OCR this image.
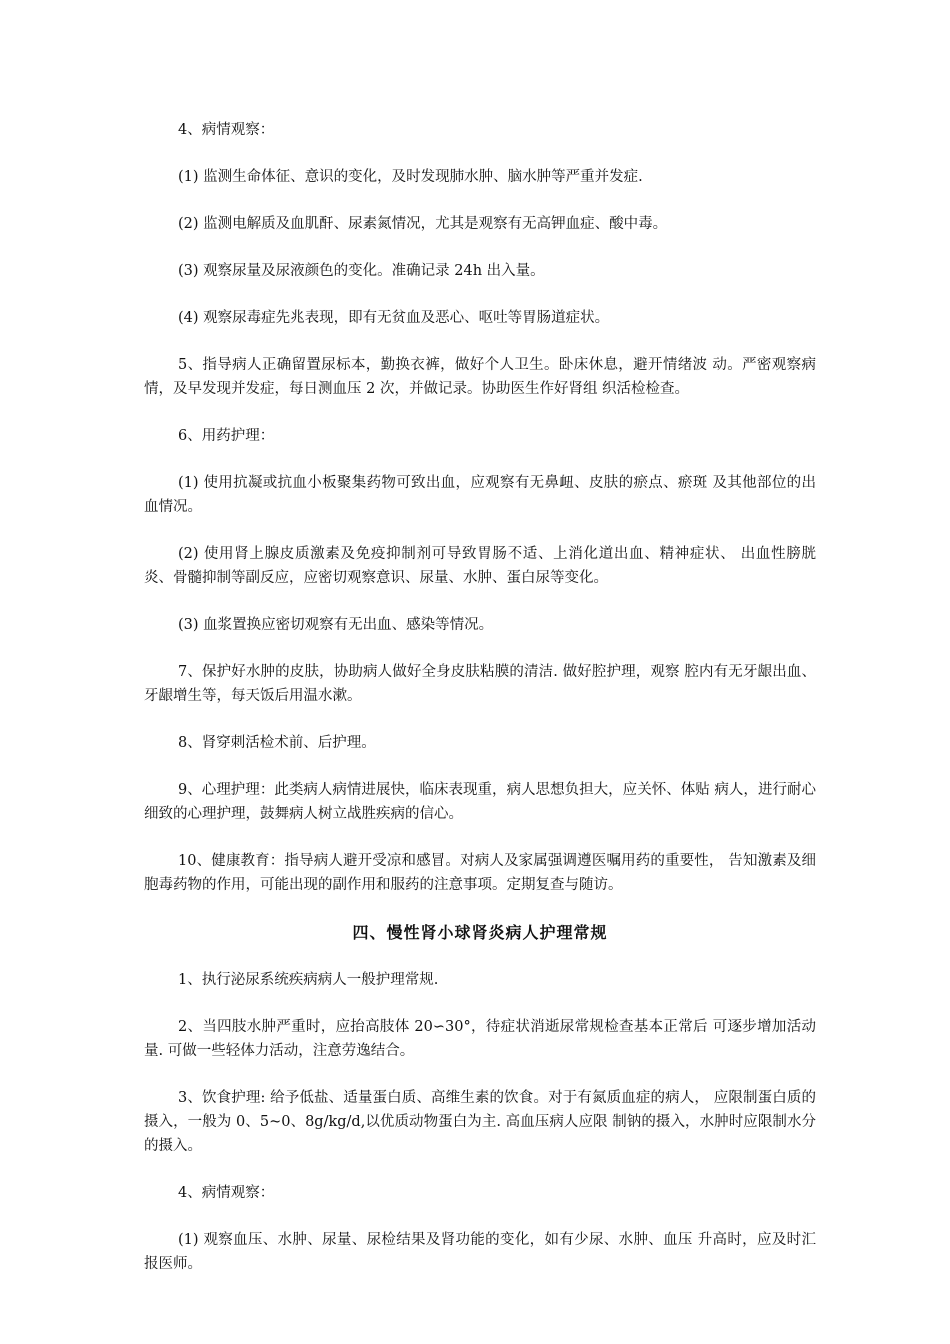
4、病情观察：

(1) 监测生命体征、意识的变化，及时发现肺水肿、脑水肿等严重并发症.

(2) 监测电解质及血肌酐、尿素氮情况，尤其是观察有无高钾血症、酸中毒。

(3) 观察尿量及尿液颜色的变化。准确记录 24h 出入量。

(4) 观察尿毒症先兆表现，即有无贫血及恶心、呕吐等胃肠道症状。

5、指导病人正确留置尿标本，勤换衣裤，做好个人卫生。卧床休息，避开情绪波 动。严密观察病情，及早发现并发症，每日测血压 2 次，并做记录。协助医生作好肾组 织活检检查。

6、用药护理：

(1) 使用抗凝或抗血小板聚集药物可致出血，应观察有无鼻衄、皮肤的瘀点、瘀斑 及其他部位的出血情况。

(2) 使用肾上腺皮质激素及免疫抑制剂可导致胃肠不适、上消化道出血、精神症状、 出血性膀胱炎、骨髓抑制等副反应，应密切观察意识、尿量、水肿、蛋白尿等变化。

(3) 血浆置换应密切观察有无出血、感染等情况。

7、保护好水肿的皮肤，协助病人做好全身皮肤粘膜的清洁. 做好腔护理，观察 腔内有无牙龈出血、牙龈增生等，每天饭后用温水漱。

8、肾穿刺活检术前、后护理。

9、心理护理：此类病人病情进展快，临床表现重，病人思想负担大，应关怀、体贴 病人，进行耐心细致的心理护理，鼓舞病人树立战胜疾病的信心。

10、健康教育：指导病人避开受凉和感冒。对病人及家属强调遵医嘱用药的重要性， 告知激素及细胞毒药物的作用，可能出现的副作用和服药的注意事项。定期复查与随访。

四、慢性肾小球肾炎病人护理常规

1、执行泌尿系统疾病病人一般护理常规.

2、当四肢水肿严重时，应抬高肢体 20∽30°，待症状消逝尿常规检查基本正常后 可逐步增加活动量. 可做一些轻体力活动，注意劳逸结合。

3、饮食护理: 给予低盐、适量蛋白质、高维生素的饮食。对于有氮质血症的病人， 应限制蛋白质的摄入，一般为 0、5~0、8g/kg/d,以优质动物蛋白为主. 高血压病人应限 制钠的摄入，水肿时应限制水分的摄入。

4、病情观察：

(1) 观察血压、水肿、尿量、尿检结果及肾功能的变化，如有少尿、水肿、血压 升高时，应及时汇报医师。
